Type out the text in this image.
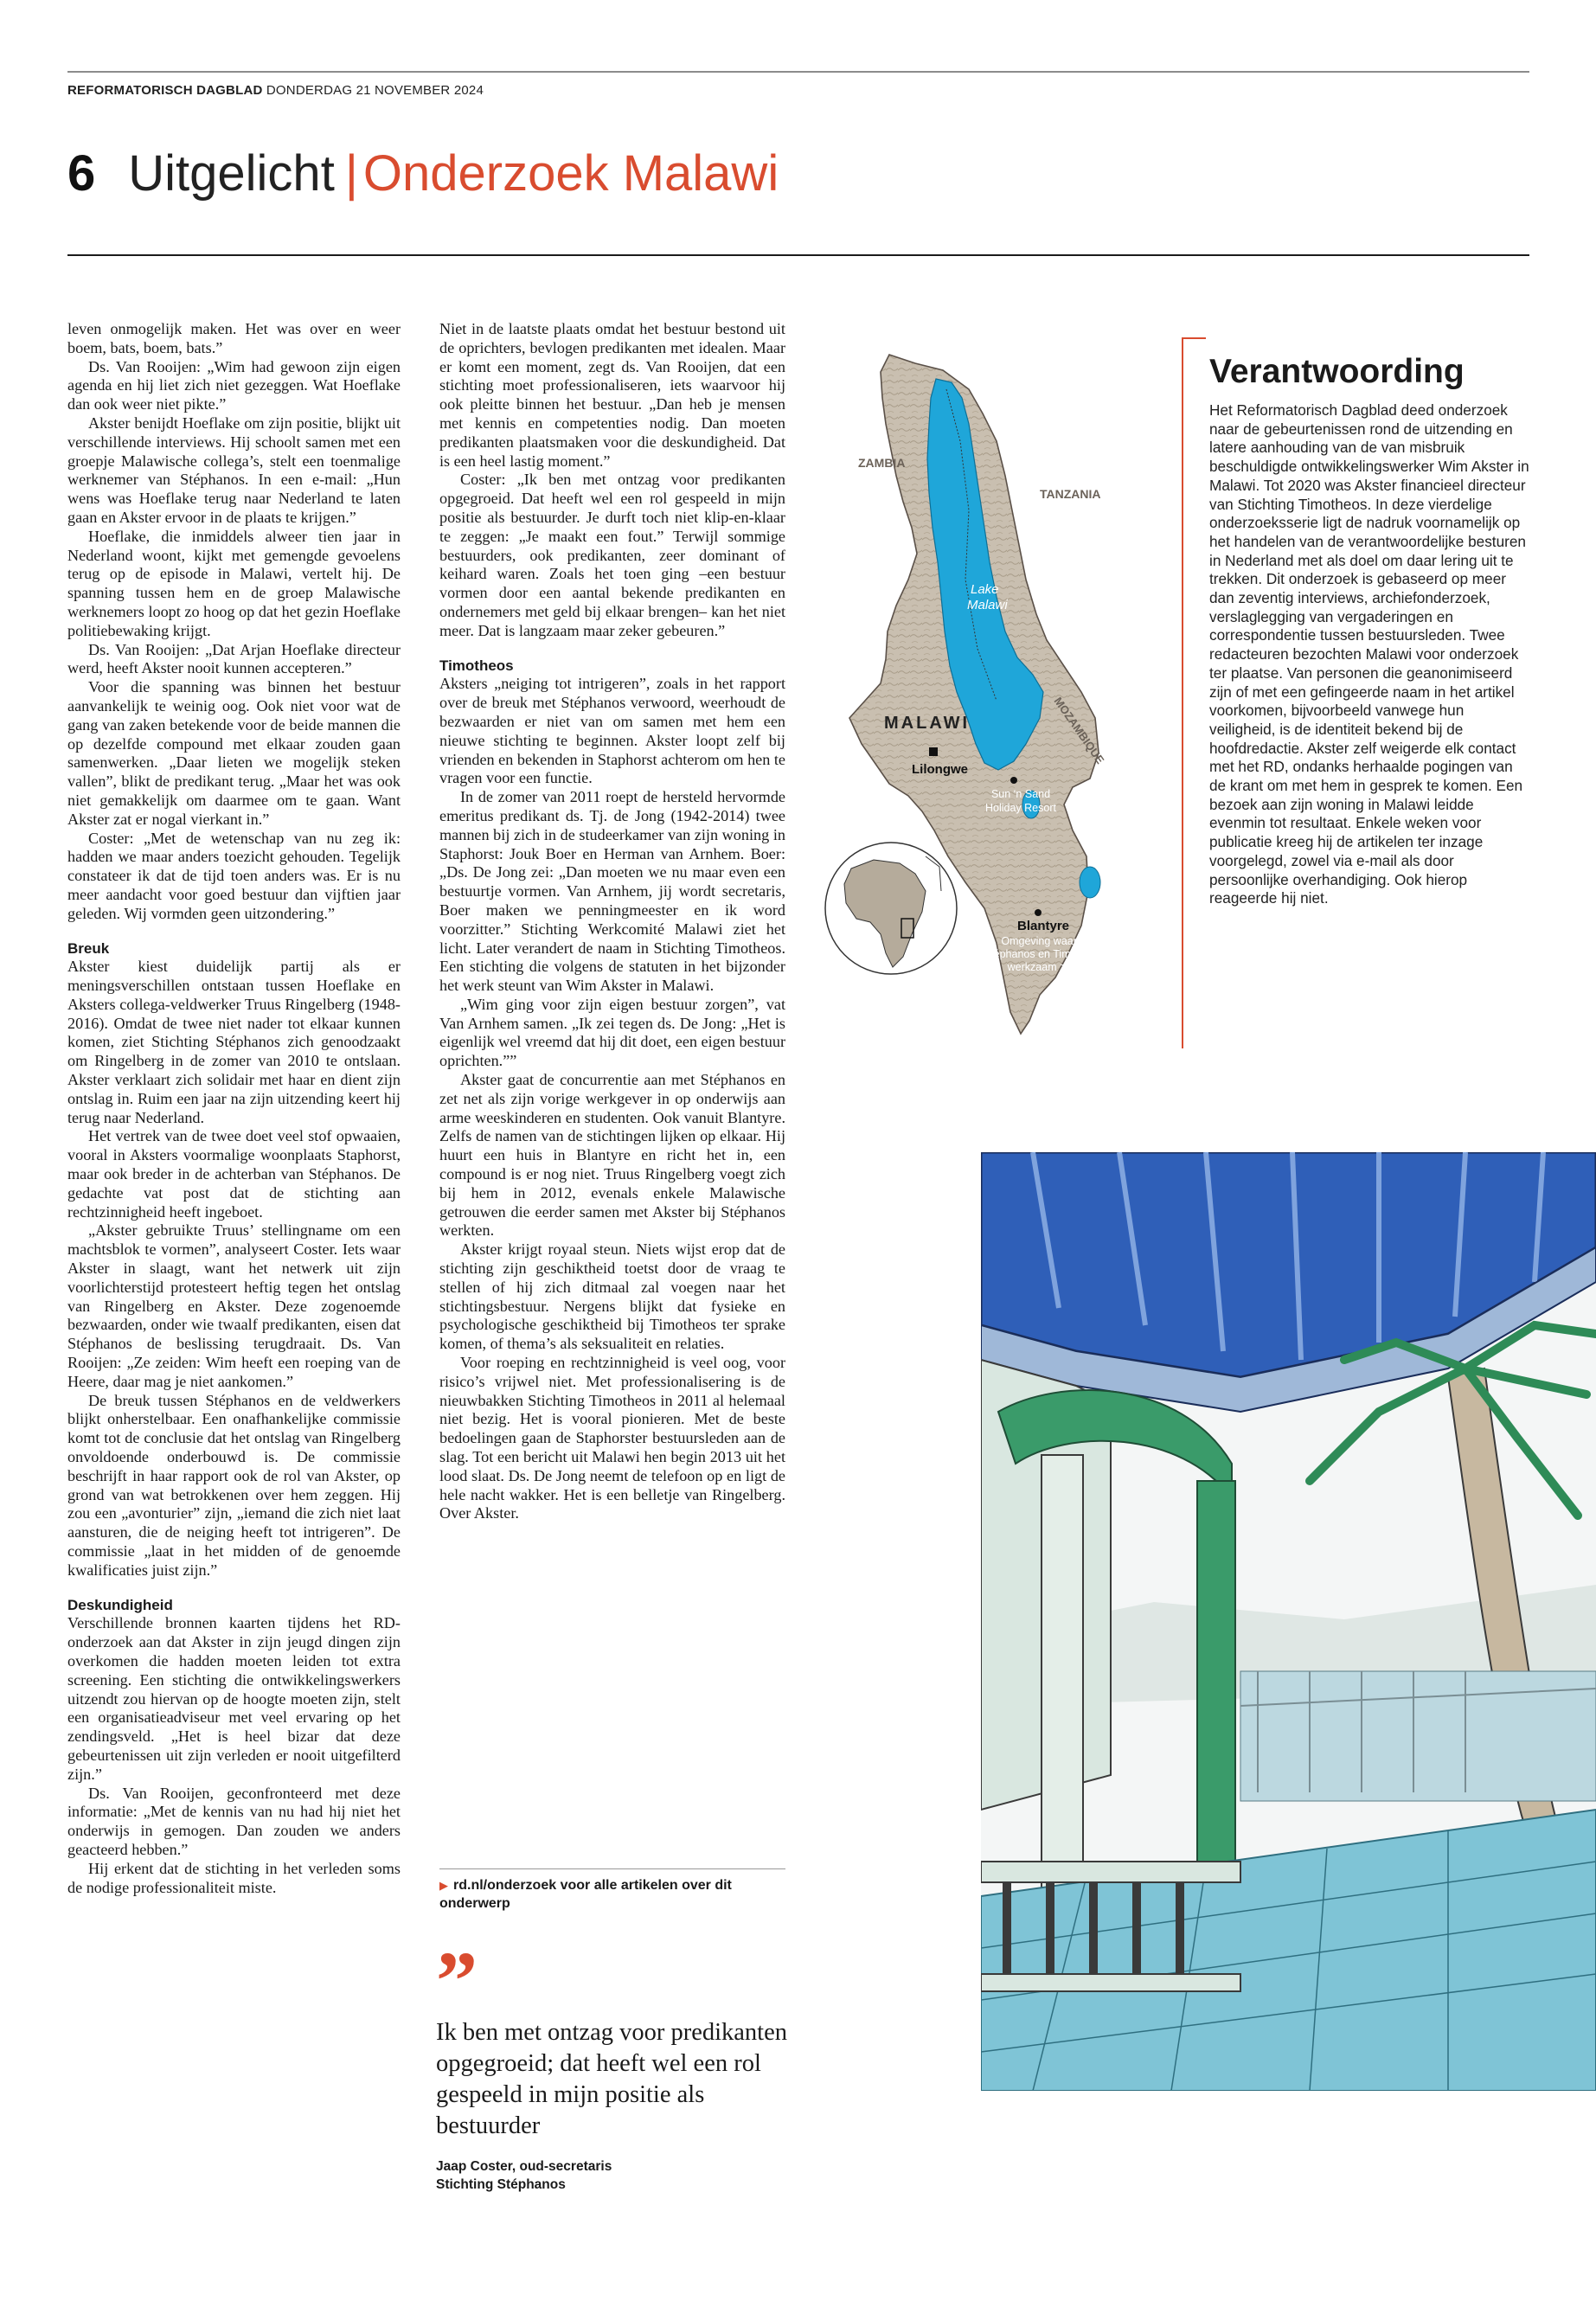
REFORMATORISCH DAGBLAD DONDERDAG 21 NOVEMBER 2024
6 Uitgelicht | Onderzoek Malawi

leven onmogelijk maken. Het was over en weer boem, bats, boem, bats.”

Ds. Van Rooijen: „Wim had gewoon zijn eigen agenda en hij liet zich niet gezeggen. Wat Hoeflake dan ook weer niet pikte.”

Akster benijdt Hoeflake om zijn positie, blijkt uit verschillende interviews. Hij schoolt samen met een groepje Malawische collega’s, stelt een toenmalige werknemer van Stéphanos. In een e-mail: „Hun wens was Hoeflake terug naar Nederland te laten gaan en Akster ervoor in de plaats te krijgen.”

Hoeflake, die inmiddels alweer tien jaar in Nederland woont, kijkt met gemengde gevoelens terug op de episode in Malawi, vertelt hij. De spanning tussen hem en de groep Malawische werknemers loopt zo hoog op dat het gezin Hoeflake politiebewaking krijgt.

Ds. Van Rooijen: „Dat Arjan Hoeflake directeur werd, heeft Akster nooit kunnen accepteren.”

Voor die spanning was binnen het bestuur aanvankelijk te weinig oog. Ook niet voor wat de gang van zaken betekende voor de beide mannen die op dezelfde compound met elkaar zouden gaan samenwerken. „Daar lieten we mogelijk steken vallen”, blikt de predikant terug. „Maar het was ook niet gemakkelijk om daarmee om te gaan. Want Akster zat er nogal vierkant in.”

Coster: „Met de wetenschap van nu zeg ik: hadden we maar anders toezicht gehouden. Tegelijk constateer ik dat de tijd toen anders was. Er is nu meer aandacht voor goed bestuur dan vijftien jaar geleden. Wij vormden geen uitzondering.”

Breuk

Akster kiest duidelijk partij als er meningsverschillen ontstaan tussen Hoeflake en Aksters collega-veldwerker Truus Ringelberg (1948-2016). Omdat de twee niet nader tot elkaar kunnen komen, ziet Stichting Stéphanos zich genoodzaakt om Ringelberg in de zomer van 2010 te ontslaan. Akster verklaart zich solidair met haar en dient zijn ontslag in. Ruim een jaar na zijn uitzending keert hij terug naar Nederland.

Het vertrek van de twee doet veel stof opwaaien, vooral in Aksters voormalige woonplaats Staphorst, maar ook breder in de achterban van Stéphanos. De gedachte vat post dat de stichting aan rechtzinnigheid heeft ingeboet.

„Akster gebruikte Truus’ stellingname om een machtsblok te vormen”, analyseert Coster. Iets waar Akster in slaagt, want het netwerk uit zijn voorlichterstijd protesteert heftig tegen het ontslag van Ringelberg en Akster. Deze zogenoemde bezwaarden, onder wie twaalf predikanten, eisen dat Stéphanos de beslissing terugdraait. Ds. Van Rooijen: „Ze zeiden: Wim heeft een roeping van de Heere, daar mag je niet aankomen.”

De breuk tussen Stéphanos en de veldwerkers blijkt onherstelbaar. Een onafhankelijke commissie komt tot de conclusie dat het ontslag van Ringelberg onvoldoende onderbouwd is. De commissie beschrijft in haar rapport ook de rol van Akster, op grond van wat betrokkenen over hem zeggen. Hij zou een „avonturier” zijn, „iemand die zich niet laat aansturen, die de neiging heeft tot intrigeren”. De commissie „laat in het midden of de genoemde kwalificaties juist zijn.”

Deskundigheid

Verschillende bronnen kaarten tijdens het RD-onderzoek aan dat Akster in zijn jeugd dingen zijn overkomen die hadden moeten leiden tot extra screening. Een stichting die ontwikkelingswerkers uitzendt zou hiervan op de hoogte moeten zijn, stelt een organisatieadviseur met veel ervaring op het zendingsveld. „Het is heel bizar dat deze gebeurtenissen uit zijn verleden er nooit uitgefilterd zijn.”

Ds. Van Rooijen, geconfronteerd met deze informatie: „Met de kennis van nu had hij niet het onderwijs in gemogen. Dan zouden we anders geacteerd hebben.”

Hij erkent dat de stichting in het verleden soms de nodige professionaliteit miste.

Niet in de laatste plaats omdat het bestuur bestond uit de oprichters, bevlogen predikanten met idealen. Maar er komt een moment, zegt ds. Van Rooijen, dat een stichting moet professionaliseren, iets waarvoor hij ook pleitte binnen het bestuur. „Dan heb je mensen met kennis en competenties nodig. Dan moeten predikanten plaatsmaken voor die deskundigheid. Dat is een heel lastig moment.”

Coster: „Ik ben met ontzag voor predikanten opgegroeid. Dat heeft wel een rol gespeeld in mijn positie als bestuurder. Je durft toch niet klip-en-klaar te zeggen: „Je maakt een fout.” Terwijl sommige bestuurders, ook predikanten, zeer dominant of keihard waren. Zoals het toen ging –een bestuur vormen door een aantal bekende predikanten en ondernemers met geld bij elkaar brengen– kan het niet meer. Dat is langzaam maar zeker gebeuren.”

Timotheos

Aksters „neiging tot intrigeren”, zoals in het rapport over de breuk met Stéphanos verwoord, weerhoudt de bezwaarden er niet van om samen met hem een nieuwe stichting te beginnen. Akster loopt zelf bij vrienden en bekenden in Staphorst achterom om hen te vragen voor een functie.

In de zomer van 2011 roept de hersteld hervormde emeritus predikant ds. Tj. de Jong (1942-2014) twee mannen bij zich in de studeerkamer van zijn woning in Staphorst: Jouk Boer en Herman van Arnhem. Boer: „Ds. De Jong zei: „Dan moeten we nu maar even een bestuurtje vormen. Van Arnhem, jij wordt secretaris, Boer maken we penningmeester en ik word voorzitter.” Stichting Werkcomité Malawi ziet het licht. Later verandert de naam in Stichting Timotheos. Een stichting die volgens de statuten in het bijzonder het werk steunt van Wim Akster in Malawi.

„Wim ging voor zijn eigen bestuur zorgen”, vat Van Arnhem samen. „Ik zei tegen ds. De Jong: „Het is eigenlijk wel vreemd dat hij dit doet, een eigen bestuur oprichten.””

Akster gaat de concurrentie aan met Stéphanos en zet net als zijn vorige werkgever in op onderwijs aan arme weeskinderen en studenten. Ook vanuit Blantyre. Zelfs de namen van de stichtingen lijken op elkaar. Hij huurt een huis in Blantyre en richt het in, een compound is er nog niet. Truus Ringelberg voegt zich bij hem in 2012, evenals enkele Malawische getrouwen die eerder samen met Akster bij Stéphanos werkten.

Akster krijgt royaal steun. Niets wijst erop dat de stichting zijn geschiktheid toetst door de vraag te stellen of hij zich ditmaal zal voegen naar het stichtingsbestuur. Nergens blijkt dat fysieke en psychologische geschiktheid bij Timotheos ter sprake komen, of thema’s als seksualiteit en relaties.

Voor roeping en rechtzinnigheid is veel oog, voor risico’s vrijwel niet. Met professionalisering is de nieuwbakken Stichting Timotheos in 2011 al helemaal niet bezig. Het is vooral pionieren. Met de beste bedoelingen gaan de Staphorster bestuursleden aan de slag. Tot een bericht uit Malawi hen begin 2013 uit het lood slaat. Ds. De Jong neemt de telefoon op en ligt de hele nacht wakker. Het is een belletje van Ringelberg. Over Akster.

▶ rd.nl/onderzoek voor alle artikelen over dit onderwerp
”
Ik ben met ontzag voor predikanten opgegroeid; dat heeft wel een rol gespeeld in mijn positie als bestuurder
Jaap Coster, oud-secretaris
Stichting Stéphanos
ZAMBIA
TANZANIA
MOZAMBIQUE
MALAWI
Lake
Malawi
Lilongwe
Sun ‘n Sand
Holiday Resort
Blantyre
Omgeving waarin
Stéphanos en Timotheos
werkzaam zijn.
Verantwoording
Het Reformatorisch Dagblad deed onderzoek naar de gebeurtenissen rond de uitzending en latere aanhouding van de van misbruik beschuldigde ontwikkelingswerker Wim Akster in Malawi. Tot 2020 was Akster financieel directeur van Stichting Timotheos. In deze vierdelige onderzoeksserie ligt de nadruk voornamelijk op het handelen van de verantwoordelijke besturen in Nederland met als doel om daar lering uit te trekken. Dit onderzoek is gebaseerd op meer dan zeventig interviews, archiefonderzoek, verslaglegging van vergaderingen en correspondentie tussen bestuursleden. Twee redacteuren bezochten Malawi voor onderzoek ter plaatse. Van personen die geanonimiseerd zijn of met een gefingeerde naam in het artikel voorkomen, bijvoorbeeld vanwege hun veiligheid, is de identiteit bekend bij de hoofdredactie. Akster zelf weigerde elk contact met het RD, ondanks herhaalde pogingen van de krant om met hem in gesprek te komen. Een bezoek aan zijn woning in Malawi leidde evenmin tot resultaat. Enkele weken voor publicatie kreeg hij de artikelen ter inzage voorgelegd, zowel via e-mail als door persoonlijke overhandiging. Ook hierop reageerde hij niet.
